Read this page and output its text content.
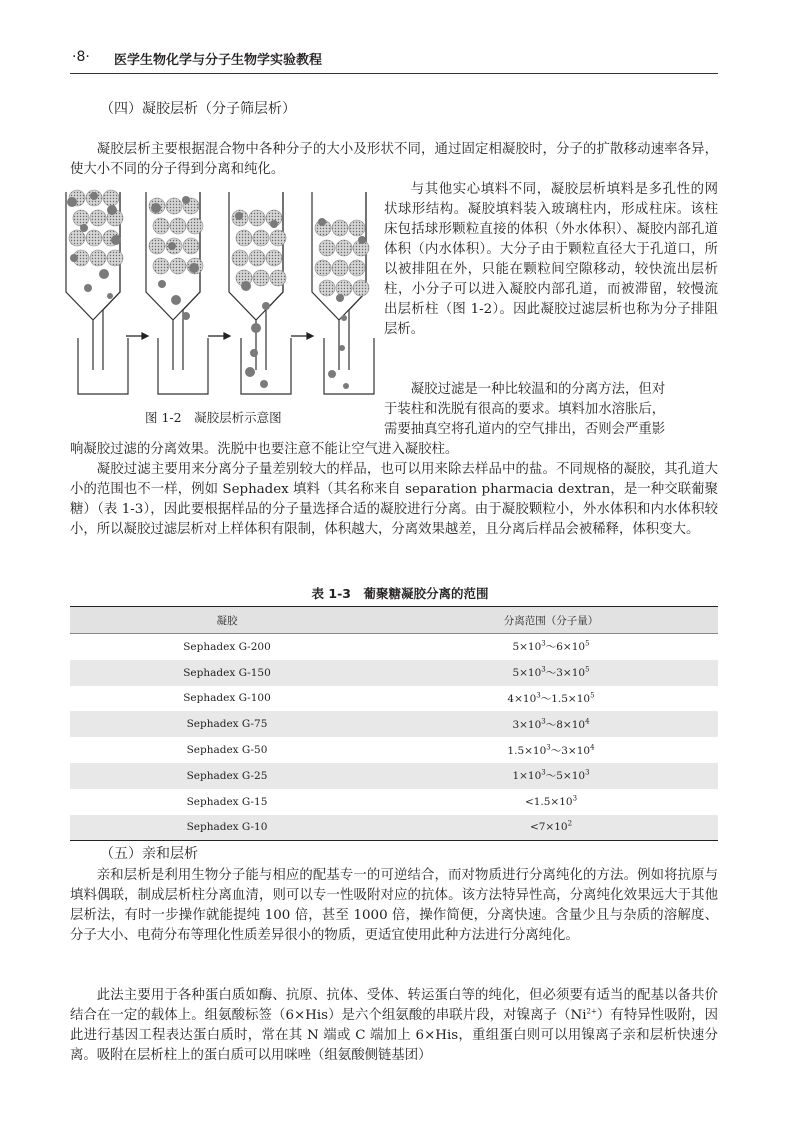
·8· 医学生物化学与分子生物学实验教程
（四）凝胶层析（分子筛层析）

凝胶层析主要根据混合物中各种分子的大小及形状不同，通过固定相凝胶时，分子的扩散移动速率各异，使大小不同的分子得到分离和纯化。

与其他实心填料不同，凝胶层析填料是多孔性的网状球形结构。凝胶填料装入玻璃柱内，形成柱床。该柱床包括球形颗粒直接的体积（外水体积）、凝胶内部孔道体积（内水体积）。大分子由于颗粒直径大于孔道口，所以被排阻在外，只能在颗粒间空隙移动，较快流出层析柱，小分子可以进入凝胶内部孔道，而被滞留，较慢流出层析柱（图 1-2）。因此凝胶过滤层析也称为分子排阻层析。

凝胶过滤是一种比较温和的分离方法，但对

于装柱和洗脱有很高的要求。填料加水溶胀后，

需要抽真空将孔道内的空气排出，否则会严重影

响凝胶过滤的分离效果。洗脱中也要注意不能让空气进入凝胶柱。

凝胶过滤主要用来分离分子量差别较大的样品，也可以用来除去样品中的盐。不同规格的凝胶，其孔道大小的范围也不一样，例如 Sephadex 填料（其名称来自 separation pharmacia dextran，是一种交联葡聚糖）（表 1-3），因此要根据样品的分子量选择合适的凝胶进行分离。由于凝胶颗粒小，外水体积和内水体积较小，所以凝胶过滤层析对上样体积有限制，体积越大，分离效果越差，且分离后样品会被稀释，体积变大。

图 1-2　凝胶层析示意图
表 1-3　葡聚糖凝胶分离的范围
凝胶	分离范围（分子量）
Sephadex G-200	$5\times 10^3\sim 6\times 10^5$
Sephadex G-150	$5\times 10^3\sim 3\times 10^5$
Sephadex G-100	$4\times 10^3\sim 1.5\times 10^5$
Sephadex G-75	$3\times 10^3\sim 8\times 10^4$
Sephadex G-50	$1.5\times 10^3\sim 3\times 10^4$
Sephadex G-25	$1\times 10^3\sim 5\times 10^3$
Sephadex G-15	$<1.5\times 10^3$
Sephadex G-10	$<7\times 10^2$
（五）亲和层析

亲和层析是利用生物分子能与相应的配基专一的可逆结合，而对物质进行分离纯化的方法。例如将抗原与填料偶联，制成层析柱分离血清，则可以专一性吸附对应的抗体。该方法特异性高，分离纯化效果远大于其他层析法，有时一步操作就能提纯 100 倍，甚至 1000 倍，操作简便，分离快速。含量少且与杂质的溶解度、分子大小、电荷分布等理化性质差异很小的物质，更适宜使用此种方法进行分离纯化。

此法主要用于各种蛋白质如酶、抗原、抗体、受体、转运蛋白等的纯化，但必须要有适当的配基以备共价结合在一定的载体上。组氨酸标签（6×His）是六个组氨酸的串联片段，对镍离子$(Ni^{2+})$有特异性吸附，因此进行基因工程表达蛋白质时，常在其 N 端或 C 端加上 6×His，重组蛋白则可以用镍离子亲和层析快速分离。吸附在层析柱上的蛋白质可以用咪唑（组氨酸侧链基团）
